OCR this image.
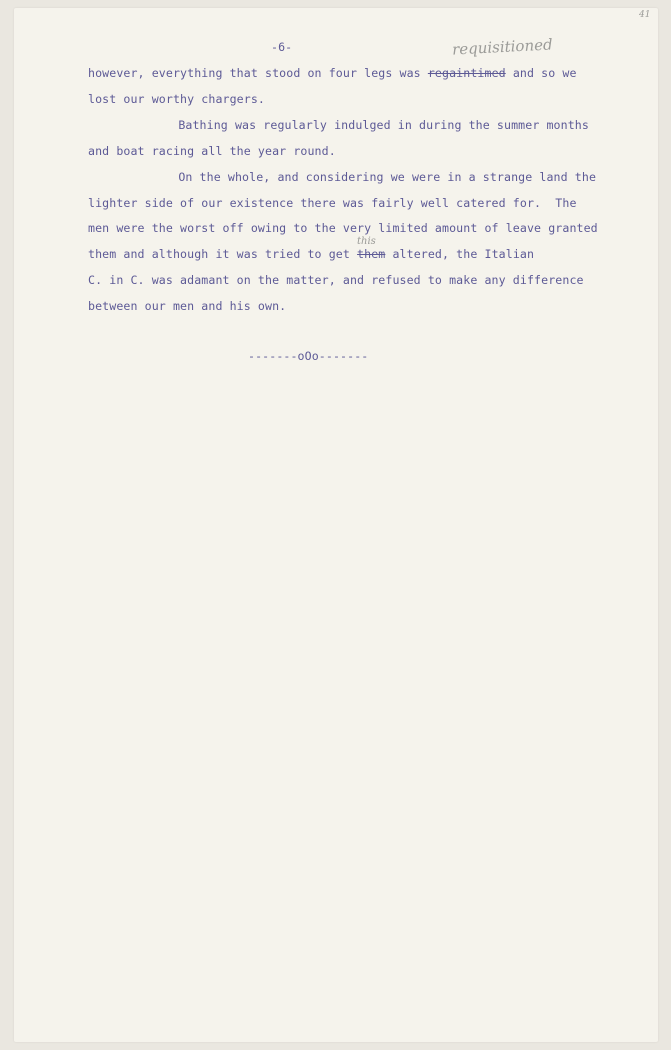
-6-
41
requisitioned
however, everything that stood on four legs was regaintimed and so we
lost our worthy chargers.
Bathing was regularly indulged in during the summer months
and boat racing all the year round.
On the whole, and considering we were in a strange land the
lighter side of our existence there was fairly well catered for.  The
men were the worst off owing to the very limited amount of leave granted
this
them and although it was tried to get them altered, the Italian
C. in C. was adamant on the matter, and refused to make any difference
between our men and his own.
-------oOo-------
